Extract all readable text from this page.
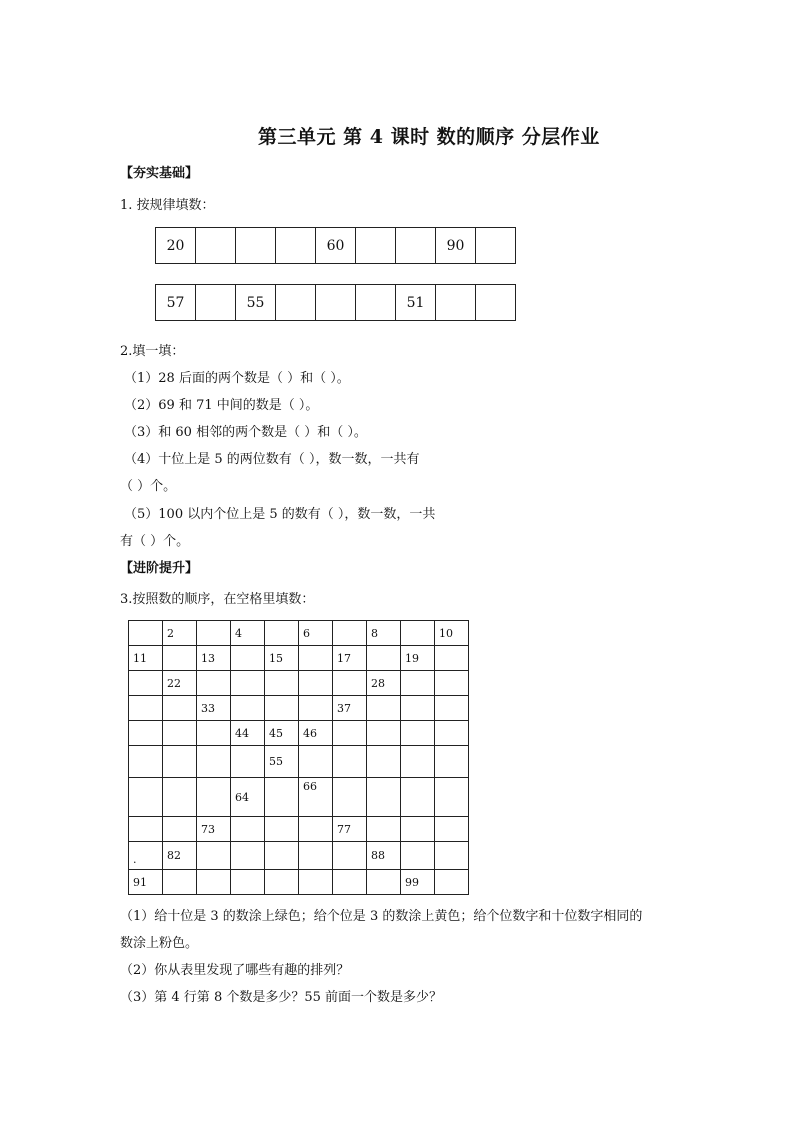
第三单元 第 4 课时 数的顺序 分层作业
【夯实基础】
1. 按规律填数：
20				60			90	
57		55				51		
2.填一填：
（1）28 后面的两个数是（ ）和（ ）。
（2）69 和 71 中间的数是（ ）。
（3）和 60 相邻的两个数是（ ）和（ ）。
（4）十位上是 5 的两位数有（ ），数一数，一共有
（ ）个。
（5）100 以内个位上是 5 的数有（ ），数一数，一共
有（ ）个。
【进阶提升】
3.按照数的顺序，在空格里填数：
	2		4		6		8		10
11		13		15		17		19	
	22						28		
		33				37			
			44	45	46				
				55					
			64		66				
		73				77			
.	82						88		
91								99	
（1）给十位是 3 的数涂上绿色；给个位是 3 的数涂上黄色；给个位数字和十位数字相同的
数涂上粉色。
（2）你从表里发现了哪些有趣的排列？
（3）第 4 行第 8 个数是多少？55 前面一个数是多少？
